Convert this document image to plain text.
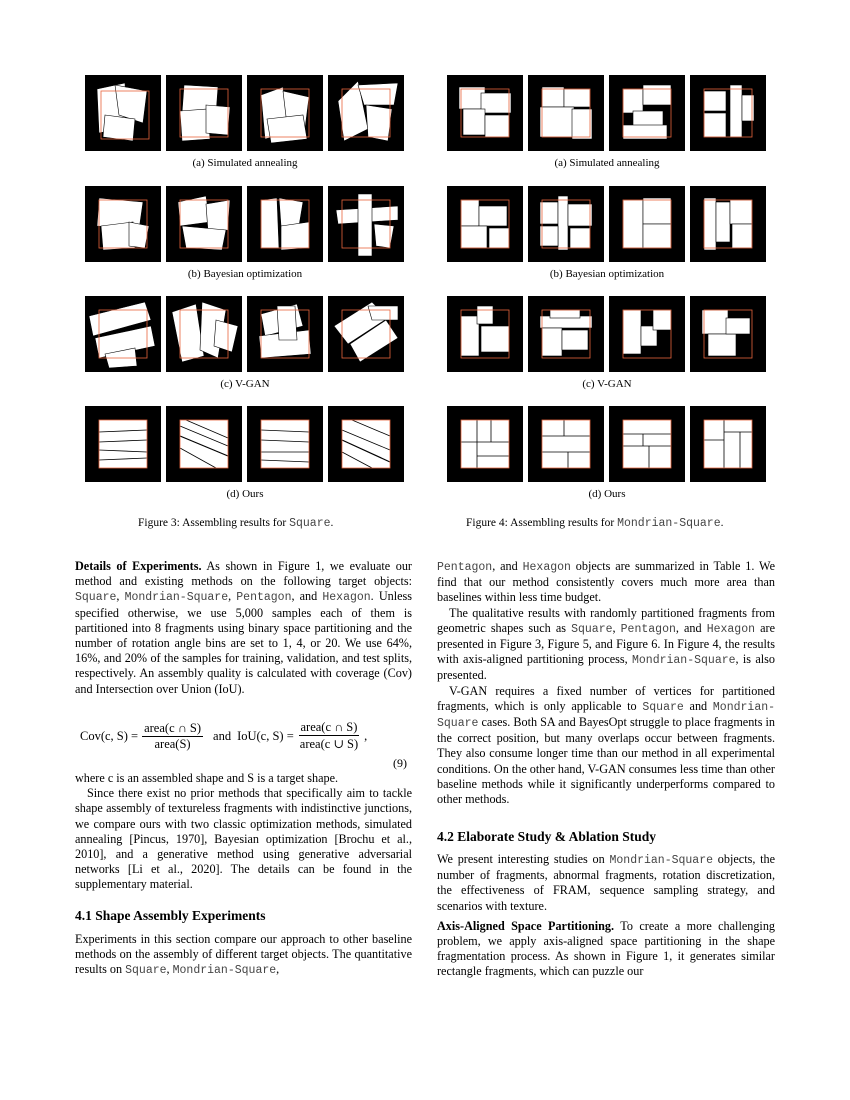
(a) Simulated annealing
(b) Bayesian optimization
(c) V-GAN
(d) Ours
Figure 3: Assembling results for Square.
(a) Simulated annealing
(b) Bayesian optimization
(c) V-GAN
(d) Ours
Figure 4: Assembling results for Mondrian-Square.

Details of Experiments. As shown in Figure 1, we evaluate our method and existing methods on the following target objects: Square, Mondrian-Square, Pentagon, and Hexagon. Unless specified otherwise, we use 5,000 samples each of them is partitioned into 8 fragments using binary space partitioning and the number of rotation angle bins are set to 1, 4, or 20. We use 64%, 16%, and 20% of the samples for training, validation, and test splits, respectively. An assembly quality is calculated with coverage (Cov) and Intersection over Union (IoU).

Cov(c, $S) = \frac{\text{area(c ∩ S)}}{\text{area(S)}}$ and IoU(c, $S) = \frac{\text{area(c ∩ S)}}{\text{area(c ∪ S)}}$ ,
(9)

where c is an assembled shape and S is a target shape.

Since there exist no prior methods that specifically aim to tackle shape assembly of textureless fragments with indistinctive junctions, we compare ours with two classic optimization methods, simulated annealing [Pincus, 1970], Bayesian optimization [Brochu et al., 2010], and a generative method using generative adversarial networks [Li et al., 2020]. The details can be found in the supplementary material.

4.1 Shape Assembly Experiments

Experiments in this section compare our approach to other baseline methods on the assembly of different target objects. The quantitative results on Square, Mondrian-Square,

Pentagon, and Hexagon objects are summarized in Table 1. We find that our method consistently covers much more area than baselines within less time budget.

The qualitative results with randomly partitioned fragments from geometric shapes such as Square, Pentagon, and Hexagon are presented in Figure 3, Figure 5, and Figure 6. In Figure 4, the results with axis-aligned partitioning process, Mondrian-Square, is also presented.

V-GAN requires a fixed number of vertices for partitioned fragments, which is only applicable to Square and Mondrian-Square cases. Both SA and BayesOpt struggle to place fragments in the correct position, but many overlaps occur between fragments. They also consume longer time than our method in all experimental conditions. On the other hand, V-GAN consumes less time than other baseline methods while it significantly underperforms compared to other methods.

4.2 Elaborate Study & Ablation Study

We present interesting studies on Mondrian-Square objects, the number of fragments, abnormal fragments, rotation discretization, the effectiveness of FRAM, sequence sampling strategy, and scenarios with texture.

Axis-Aligned Space Partitioning. To create a more challenging problem, we apply axis-aligned space partitioning in the shape fragmentation process. As shown in Figure 1, it generates similar rectangle fragments, which can puzzle our
